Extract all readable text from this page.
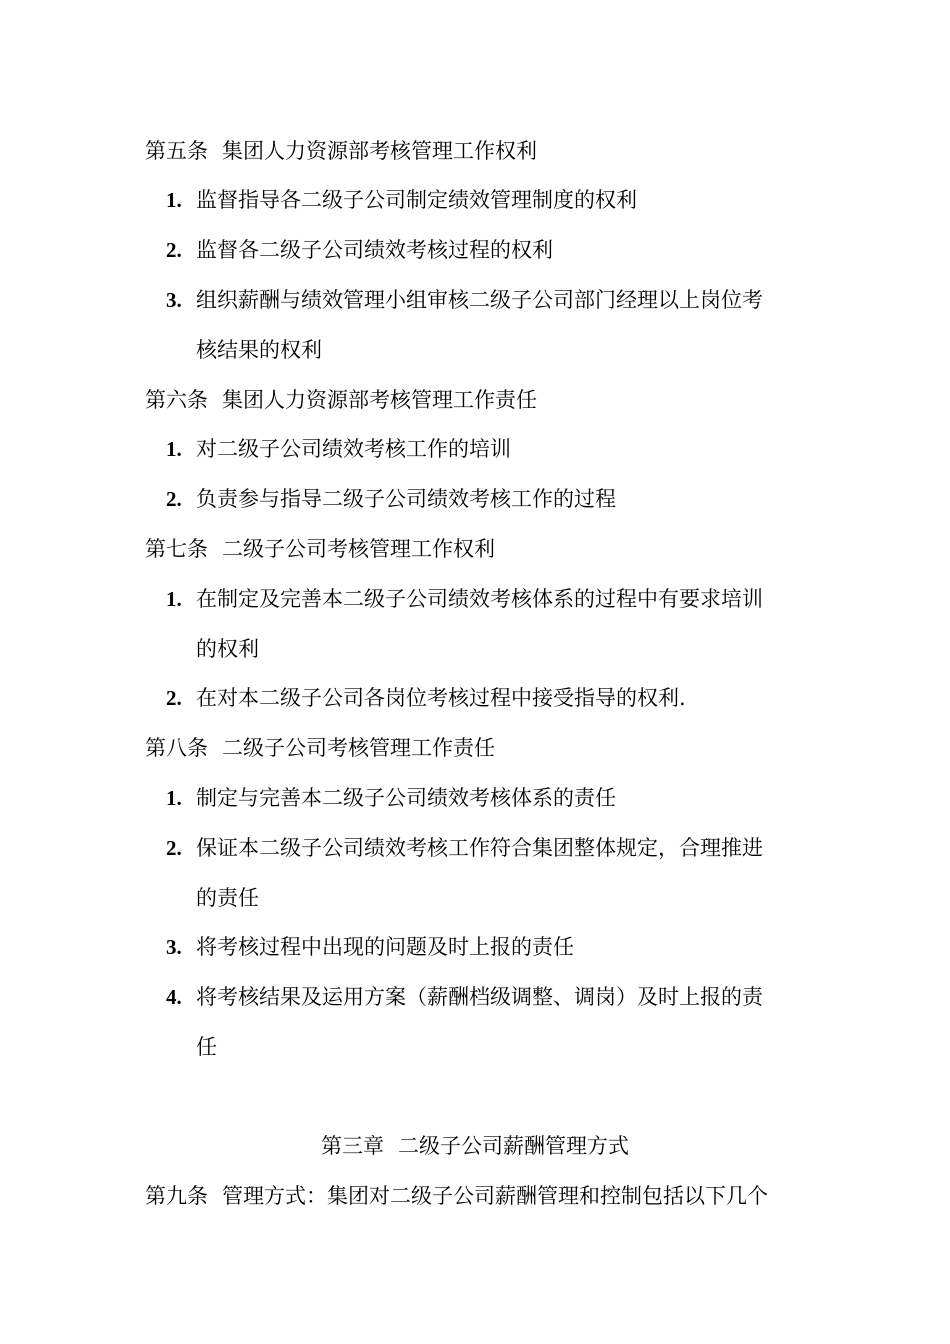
第五条 集团人力资源部考核管理工作权利
1. 监督指导各二级子公司制定绩效管理制度的权利
2. 监督各二级子公司绩效考核过程的权利
3. 组织薪酬与绩效管理小组审核二级子公司部门经理以上岗位考
核结果的权利
第六条 集团人力资源部考核管理工作责任
1. 对二级子公司绩效考核工作的培训
2. 负责参与指导二级子公司绩效考核工作的过程
第七条 二级子公司考核管理工作权利
1. 在制定及完善本二级子公司绩效考核体系的过程中有要求培训
的权利
2. 在对本二级子公司各岗位考核过程中接受指导的权利.
第八条 二级子公司考核管理工作责任
1. 制定与完善本二级子公司绩效考核体系的责任
2. 保证本二级子公司绩效考核工作符合集团整体规定，合理推进
的责任
3. 将考核过程中出现的问题及时上报的责任
4. 将考核结果及运用方案（薪酬档级调整、调岗）及时上报的责
任
第三章 二级子公司薪酬管理方式
第九条 管理方式：集团对二级子公司薪酬管理和控制包括以下几个
